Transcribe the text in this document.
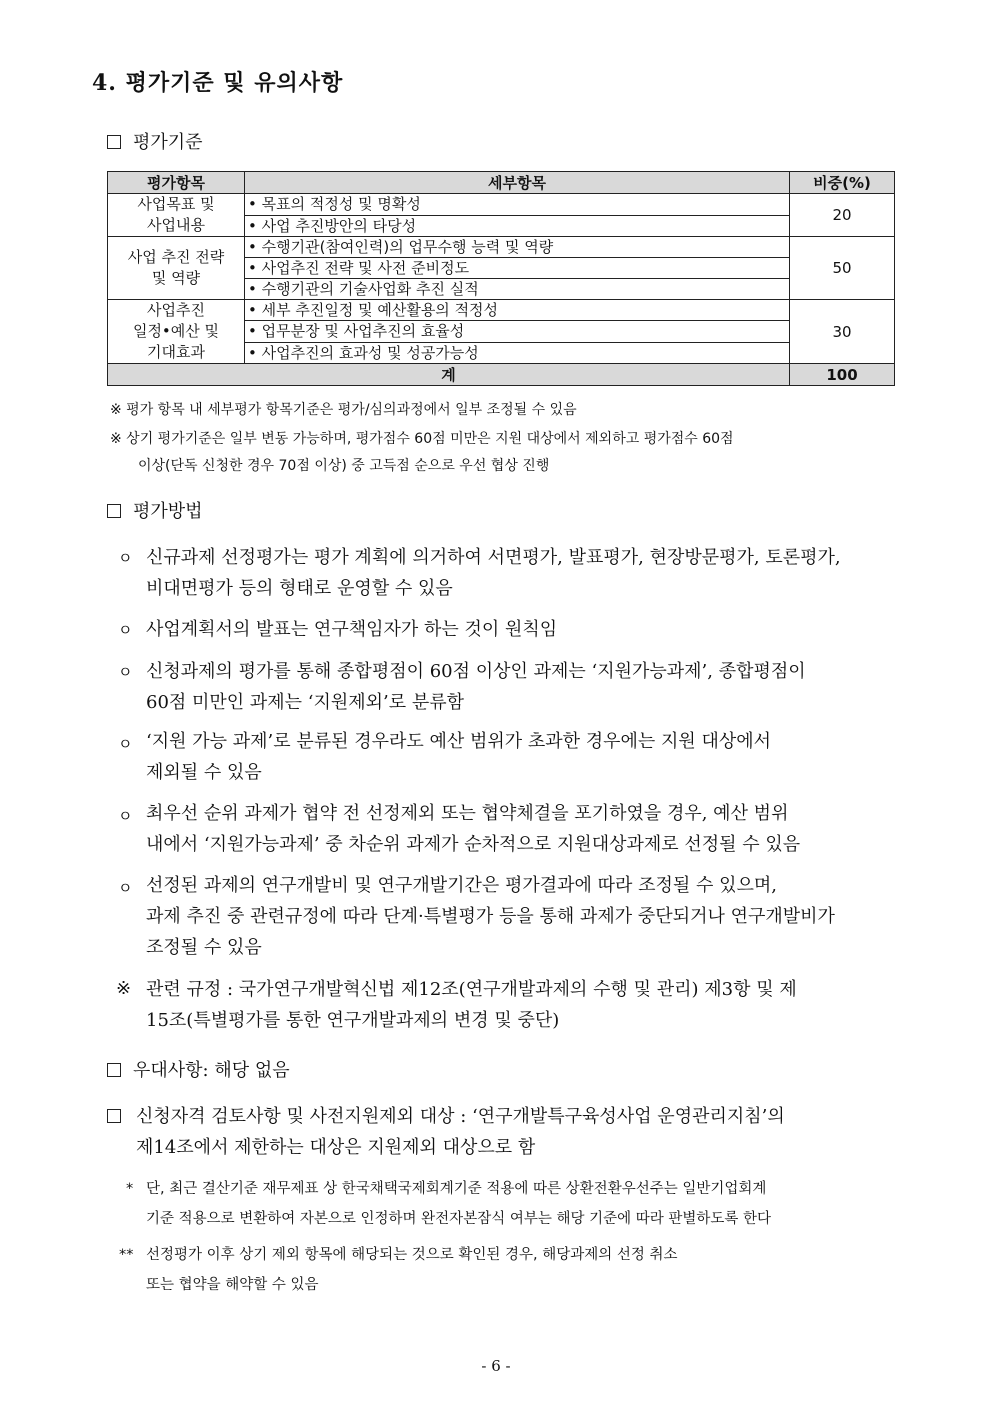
4. 평가기준 및 유의사항
평가기준
평가항목	세부항목	비중(%)

사업목표 및
사업내용	• 목표의 적정성 및 명확성	20
	• 사업 추진방안의 타당성	

사업 추진 전략
및 역량	• 수행기관(참여인력)의 업무수행 능력 및 역량	50
	• 사업추진 전략 및 사전 준비정도	
	• 수행기관의 기술사업화 추진 실적	

사업추진
일정•예산 및
기대효과	• 세부 추진일정 및 예산활용의 적정성	30
	• 업무분장 및 사업추진의 효율성	
	• 사업추진의 효과성 및 성공가능성	
계		100
※ 평가 항목 내 세부평가 항목기준은 평가/심의과정에서 일부 조정될 수 있음
※ 상기 평가기준은 일부 변동 가능하며, 평가점수 60점 미만은 지원 대상에서 제외하고 평가점수 60점
이상(단독 신청한 경우 70점 이상) 중 고득점 순으로 우선 협상 진행
평가방법
ㅇ 신규과제 선정평가는 평가 계획에 의거하여 서면평가, 발표평가, 현장방문평가, 토론평가,
비대면평가 등의 형태로 운영할 수 있음
ㅇ 사업계획서의 발표는 연구책임자가 하는 것이 원칙임
ㅇ 신청과제의 평가를 통해 종합평점이 60점 이상인 과제는 ‘지원가능과제’, 종합평점이
60점 미만인 과제는 ‘지원제외’로 분류함
ㅇ ‘지원 가능 과제’로 분류된 경우라도 예산 범위가 초과한 경우에는 지원 대상에서
제외될 수 있음
ㅇ 최우선 순위 과제가 협약 전 선정제외 또는 협약체결을 포기하였을 경우, 예산 범위
내에서 ‘지원가능과제’ 중 차순위 과제가 순차적으로 지원대상과제로 선정될 수 있음
ㅇ 선정된 과제의 연구개발비 및 연구개발기간은 평가결과에 따라 조정될 수 있으며,
과제 추진 중 관련규정에 따라 단계·특별평가 등을 통해 과제가 중단되거나 연구개발비가
조정될 수 있음
※ 관련 규정 : 국가연구개발혁신법 제12조(연구개발과제의 수행 및 관리) 제3항 및 제
15조(특별평가를 통한 연구개발과제의 변경 및 중단)
우대사항: 해당 없음
신청자격 검토사항 및 사전지원제외 대상 : ‘연구개발특구육성사업 운영관리지침’의
제14조에서 제한하는 대상은 지원제외 대상으로 함
* 단, 최근 결산기준 재무제표 상 한국채택국제회계기준 적용에 따른 상환전환우선주는 일반기업회계
기준 적용으로 변환하여 자본으로 인정하며 완전자본잠식 여부는 해당 기준에 따라 판별하도록 한다
** 선정평가 이후 상기 제외 항목에 해당되는 것으로 확인된 경우, 해당과제의 선정 취소
또는 협약을 해약할 수 있음
- 6 -
